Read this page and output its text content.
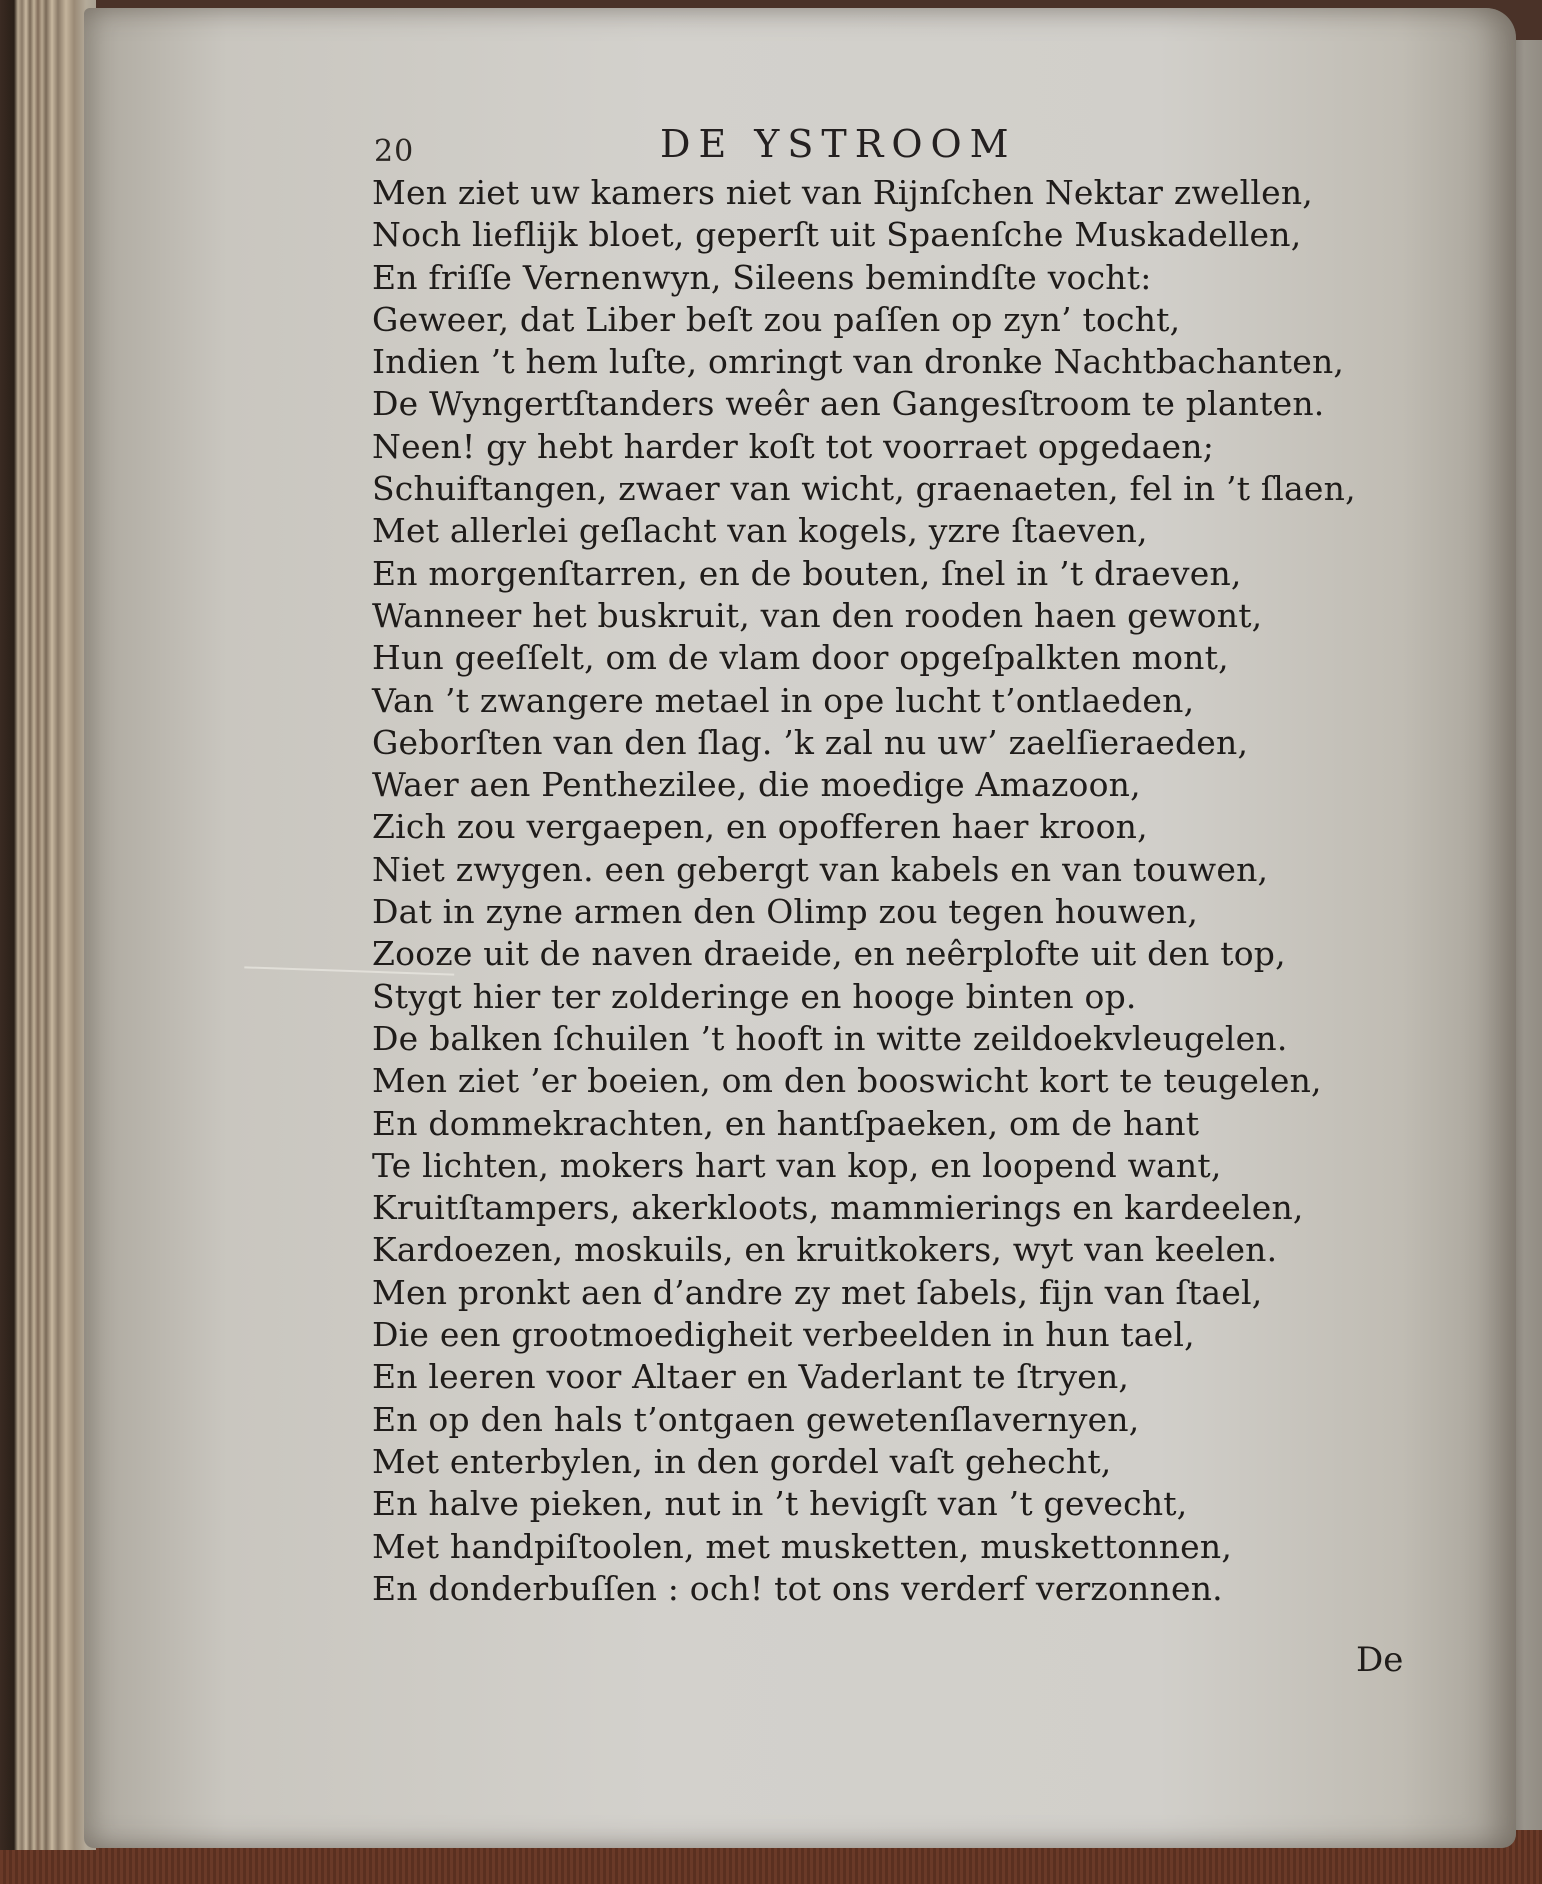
20	DE YSTROOM
Men ziet uw kamers niet van Rijnſchen Nektar zwellen,
Noch lieflijk bloet, geperſt uit Spaenſche Muskadellen,
En friſſe Vernenwyn, Sileens bemindſte vocht:
Geweer, dat Liber beſt zou paſſen op zyn’ tocht,
Indien ’t hem luſte, omringt van dronke Nachtbachanten,
De Wyngertſtanders weêr aen Gangesſtroom te planten.
Neen! gy hebt harder koſt tot voorraet opgedaen;
Schuiftangen, zwaer van wicht, graenaeten, fel in ’t ſlaen,
Met allerlei geſlacht van kogels, yzre ſtaeven,
En morgenſtarren, en de bouten, ſnel in ’t draeven,
Wanneer het buskruit, van den rooden haen gewont,
Hun geeſſelt, om de vlam door opgeſpalkten mont,
Van ’t zwangere metael in ope lucht t’ontlaeden,
Geborſten van den ſlag. ’k zal nu uw’ zaelſieraeden,
Waer aen Penthezilee, die moedige Amazoon,
Zich zou vergaepen, en opofferen haer kroon,
Niet zwygen. een gebergt van kabels en van touwen,
Dat in zyne armen den Olimp zou tegen houwen,
Zooze uit de naven draeide, en neêrplofte uit den top,
Stygt hier ter zolderinge en hooge binten op.
De balken ſchuilen ’t hooft in witte zeildoekvleugelen.
Men ziet ’er boeien, om den booswicht kort te teugelen,
En dommekrachten, en hantſpaeken, om de hant
Te lichten, mokers hart van kop, en loopend want,
Kruitſtampers, akerkloots, mammierings en kardeelen,
Kardoezen, moskuils, en kruitkokers, wyt van keelen.
Men pronkt aen d’andre zy met ſabels, fijn van ſtael,
Die een grootmoedigheit verbeelden in hun tael,
En leeren voor Altaer en Vaderlant te ſtryen,
En op den hals t’ontgaen gewetenſlavernyen,
Met enterbylen, in den gordel vaſt gehecht,
En halve pieken, nut in ’t hevigſt van ’t gevecht,
Met handpiſtoolen, met musketten, muskettonnen,
En donderbuſſen : och! tot ons verderf verzonnen.
De
